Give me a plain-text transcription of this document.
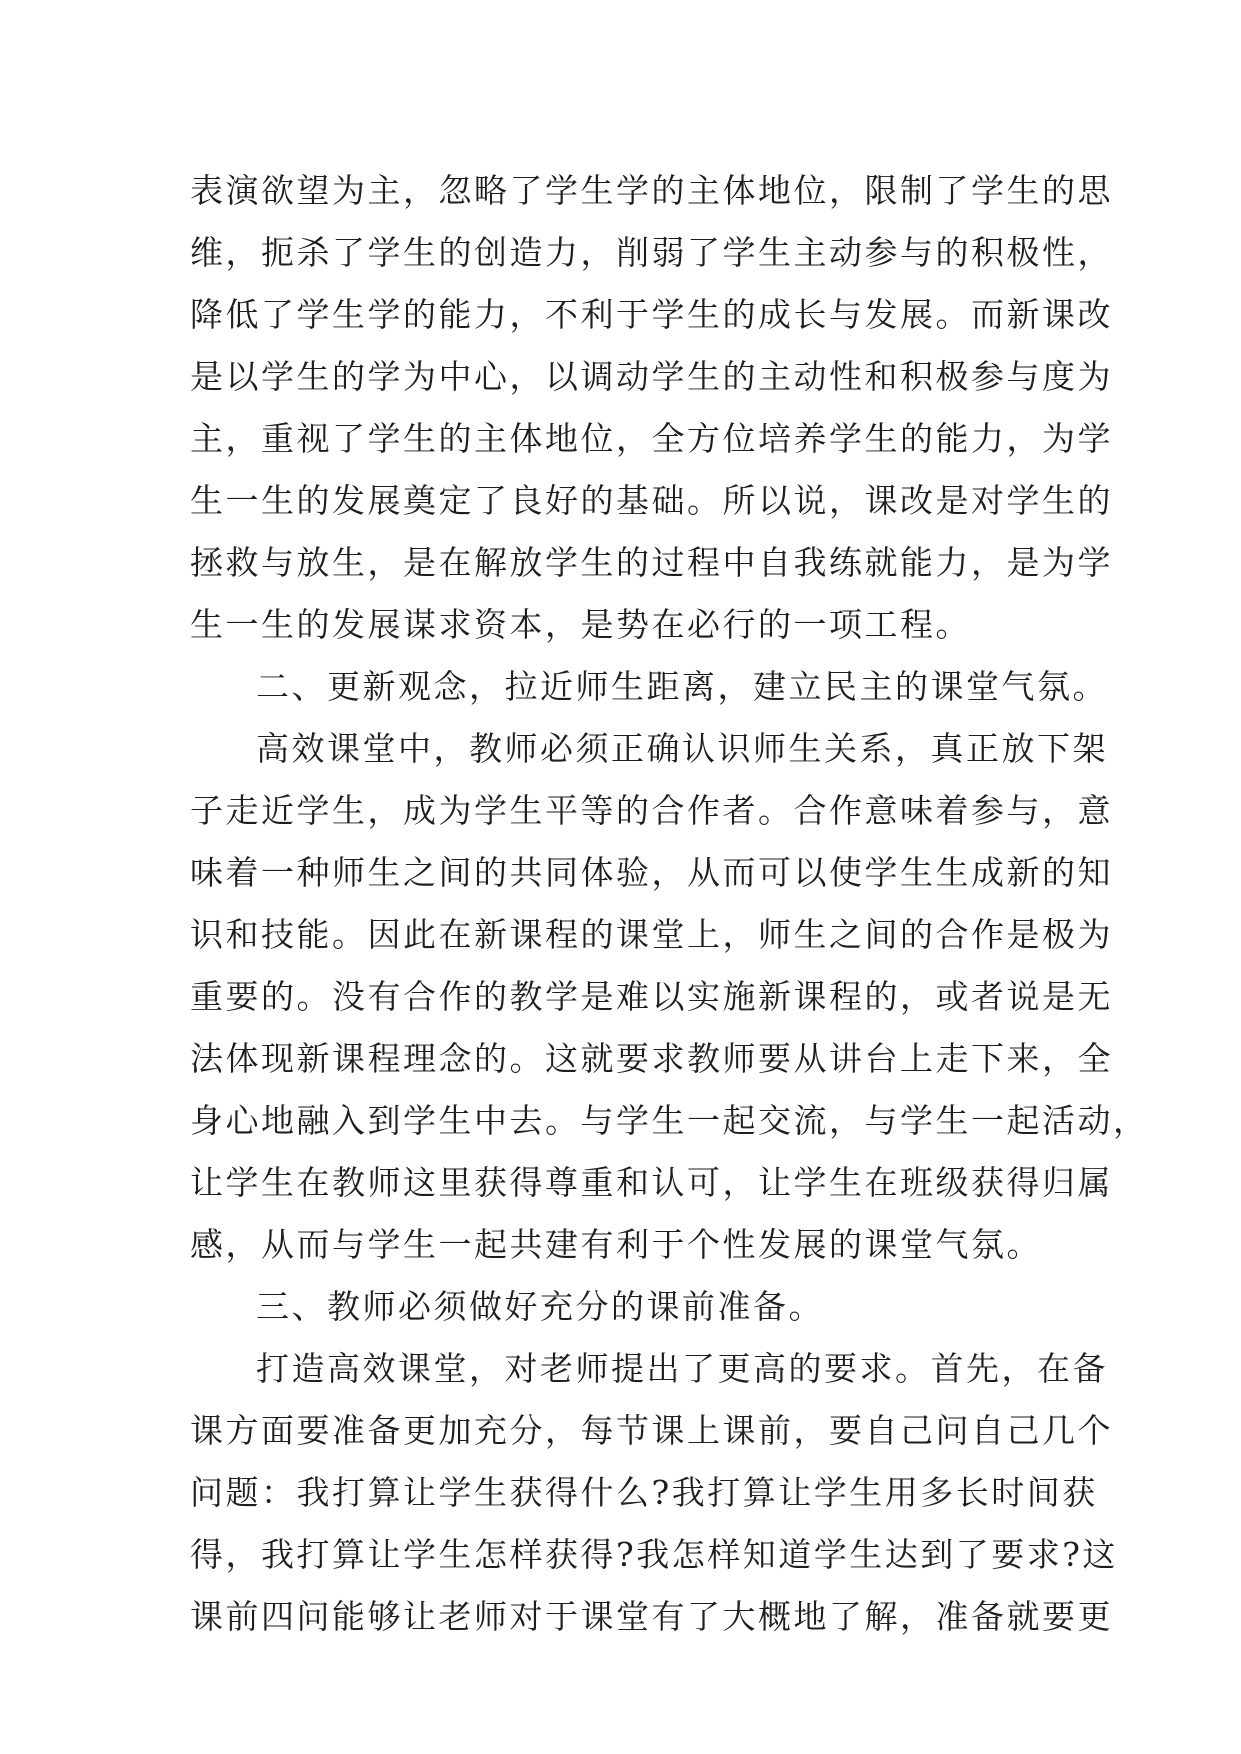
表演欲望为主，忽略了学生学的主体地位，限制了学生的思
维，扼杀了学生的创造力，削弱了学生主动参与的积极性，
降低了学生学的能力，不利于学生的成长与发展。而新课改
是以学生的学为中心，以调动学生的主动性和积极参与度为
主，重视了学生的主体地位，全方位培养学生的能力，为学
生一生的发展奠定了良好的基础。所以说，课改是对学生的
拯救与放生，是在解放学生的过程中自我练就能力，是为学
生一生的发展谋求资本，是势在必行的一项工程。
二、更新观念，拉近师生距离，建立民主的课堂气氛。
高效课堂中，教师必须正确认识师生关系，真正放下架
子走近学生，成为学生平等的合作者。合作意味着参与，意
味着一种师生之间的共同体验，从而可以使学生生成新的知
识和技能。因此在新课程的课堂上，师生之间的合作是极为
重要的。没有合作的教学是难以实施新课程的，或者说是无
法体现新课程理念的。这就要求教师要从讲台上走下来，全
身心地融入到学生中去。与学生一起交流，与学生一起活动，
让学生在教师这里获得尊重和认可，让学生在班级获得归属
感，从而与学生一起共建有利于个性发展的课堂气氛。
三、教师必须做好充分的课前准备。
打造高效课堂，对老师提出了更高的要求。首先，在备
课方面要准备更加充分，每节课上课前，要自己问自己几个
问题：我打算让学生获得什么?我打算让学生用多长时间获
得，我打算让学生怎样获得?我怎样知道学生达到了要求?这
课前四问能够让老师对于课堂有了大概地了解，准备就要更
